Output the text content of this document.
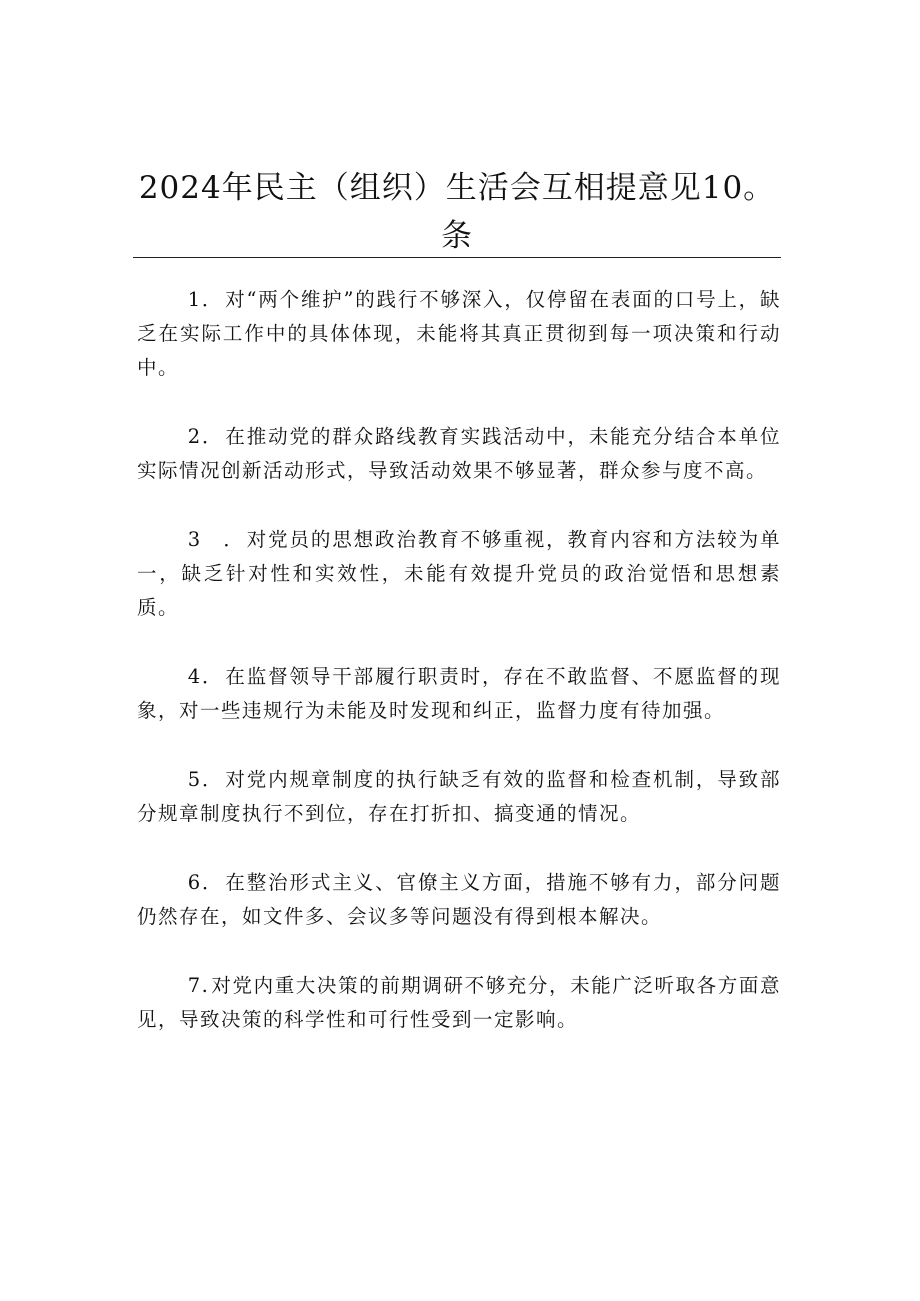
2024年民主（组织）生活会互相提意见10。
条

1． 对“两个维护”的践行不够深入，仅停留在表面的口号上，缺乏在实际工作中的具体体现，未能将其真正贯彻到每一项决策和行动中。

2． 在推动党的群众路线教育实践活动中，未能充分结合本单位实际情况创新活动形式，导致活动效果不够显著，群众参与度不高。

3　． 对党员的思想政治教育不够重视，教育内容和方法较为单一，缺乏针对性和实效性，未能有效提升党员的政治觉悟和思想素质。

4． 在监督领导干部履行职责时，存在不敢监督、不愿监督的现象，对一些违规行为未能及时发现和纠正，监督力度有待加强。

5． 对党内规章制度的执行缺乏有效的监督和检查机制，导致部分规章制度执行不到位，存在打折扣、搞变通的情况。

6． 在整治形式主义、官僚主义方面，措施不够有力，部分问题仍然存在，如文件多、会议多等问题没有得到根本解决。

7. 对党内重大决策的前期调研不够充分，未能广泛听取各方面意见，导致决策的科学性和可行性受到一定影响。
